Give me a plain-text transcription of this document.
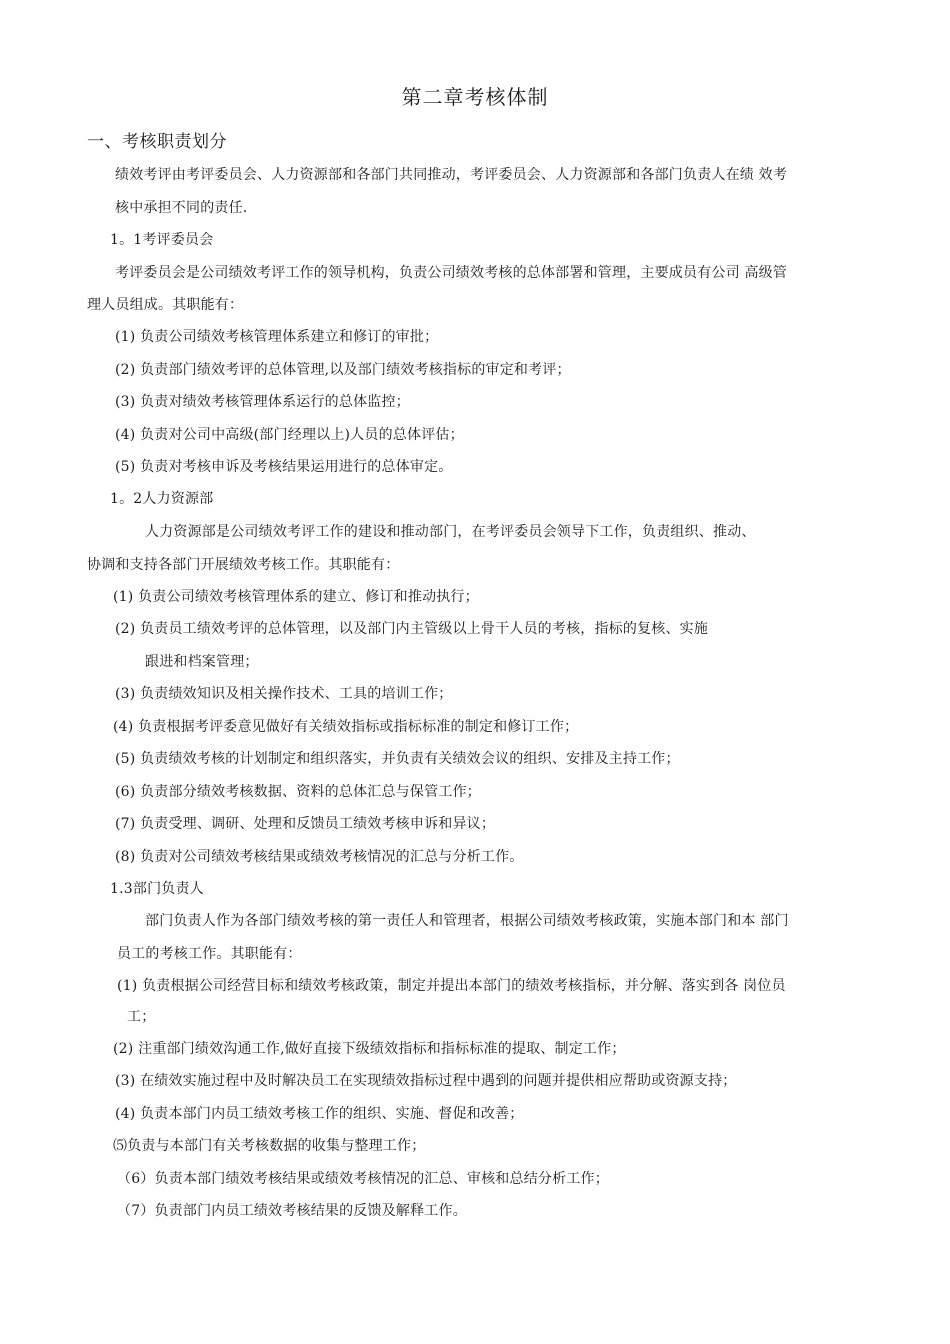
第二章考核体制
一、考核职责划分
绩效考评由考评委员会、人力资源部和各部门共同推动，考评委员会、人力资源部和各部门负责人在绩 效考
核中承担不同的责任.
1。1考评委员会
考评委员会是公司绩效考评工作的领导机构，负责公司绩效考核的总体部署和管理，主要成员有公司 高级管
理人员组成。其职能有：
(1) 负责公司绩效考核管理体系建立和修订的审批；
(2) 负责部门绩效考评的总体管理,以及部门绩效考核指标的审定和考评；
(3) 负责对绩效考核管理体系运行的总体监控；
(4) 负责对公司中高级(部门经理以上)人员的总体评估；
(5) 负责对考核申诉及考核结果运用进行的总体审定。
1。2人力资源部
人力资源部是公司绩效考评工作的建设和推动部门，在考评委员会领导下工作，负责组织、推动、
协调和支持各部门开展绩效考核工作。其职能有：
(1) 负责公司绩效考核管理体系的建立、修订和推动执行；
(2) 负责员工绩效考评的总体管理，以及部门内主管级以上骨干人员的考核，指标的复核、实施
跟进和档案管理；
(3) 负责绩效知识及相关操作技术、工具的培训工作；
(4) 负责根据考评委意见做好有关绩效指标或指标标准的制定和修订工作；
(5) 负责绩效考核的计划制定和组织落实，并负责有关绩效会议的组织、安排及主持工作；
(6) 负责部分绩效考核数据、资料的总体汇总与保管工作；
(7) 负责受理、调研、处理和反馈员工绩效考核申诉和异议；
(8) 负责对公司绩效考核结果或绩效考核情况的汇总与分析工作。
1.3部门负责人
部门负责人作为各部门绩效考核的第一责任人和管理者，根据公司绩效考核政策，实施本部门和本 部门
员工的考核工作。其职能有：
(1) 负责根据公司经营目标和绩效考核政策，制定并提出本部门的绩效考核指标，并分解、落实到各 岗位员
工；
(2) 注重部门绩效沟通工作,做好直接下级绩效指标和指标标准的提取、制定工作；
(3) 在绩效实施过程中及时解决员工在实现绩效指标过程中遇到的问题并提供相应帮助或资源支持；
(4) 负责本部门内员工绩效考核工作的组织、实施、督促和改善；
⑸负责与本部门有关考核数据的收集与整理工作；
（6）负责本部门绩效考核结果或绩效考核情况的汇总、审核和总结分析工作；
（7）负责部门内员工绩效考核结果的反馈及解释工作。
